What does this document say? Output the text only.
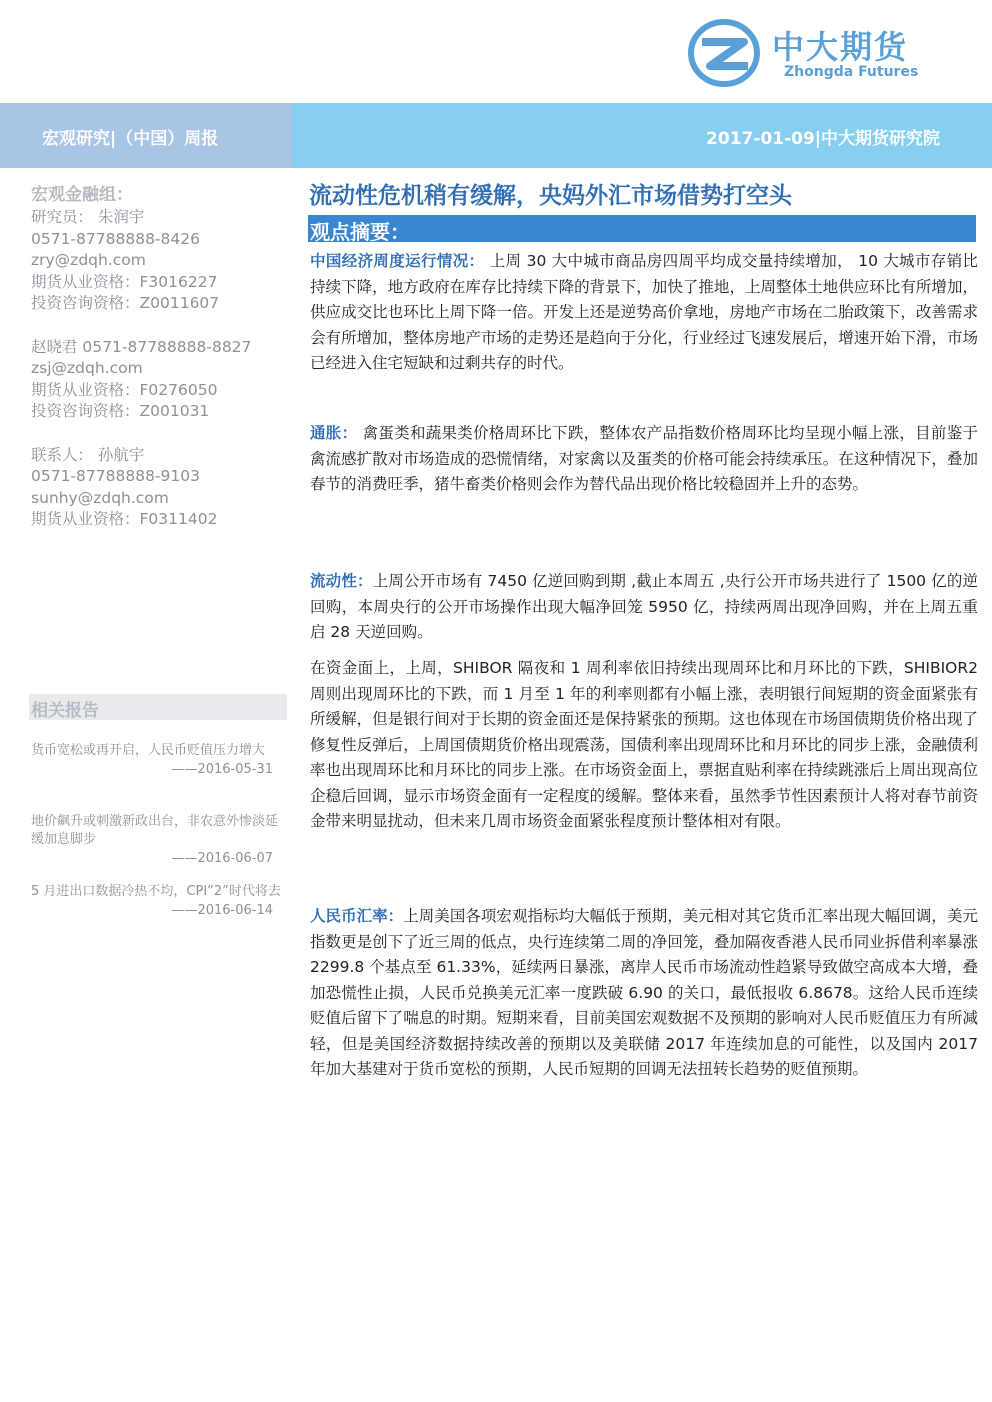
中大期货
Zhongda Futures
宏观研究|（中国）周报	2017-01-09|中大期货研究院
宏观金融组：
研究员： 朱润宇
0571-87788888-8426
zry@zdqh.com
期货从业资格：F3016227
投资咨询资格：Z0011607
赵晓君 0571-87788888-8827
zsj@zdqh.com
期货从业资格：F0276050
投资咨询资格：Z001031
联系人： 孙航宇
0571-87788888-9103
sunhy@zdqh.com
期货从业资格：F0311402
相关报告
货币宽松或再开启，人民币贬值压力增大
——2016-05-31
地价飙升或刺激新政出台，非农意外惨淡延缓加息脚步
——2016-06-07
5 月进出口数据冷热不均，CPI”2”时代将去
——2016-06-14
流动性危机稍有缓解，央妈外汇市场借势打空头
观点摘要：
中国经济周度运行情况： 上周 30 大中城市商品房四周平均成交量持续增加， 10 大城市存销比持续下降，地方政府在库存比持续下降的背景下，加快了推地，上周整体土地供应环比有所增加，供应成交比也环比上周下降一倍。开发上还是逆势高价拿地，房地产市场在二胎政策下，改善需求会有所增加，整体房地产市场的走势还是趋向于分化，行业经过飞速发展后，增速开始下滑，市场已经进入住宅短缺和过剩共存的时代。
通胀： 禽蛋类和蔬果类价格周环比下跌，整体农产品指数价格周环比均呈现小幅上涨，目前鉴于禽流感扩散对市场造成的恐慌情绪，对家禽以及蛋类的价格可能会持续承压。在这种情况下，叠加春节的消费旺季，猪牛畜类价格则会作为替代品出现价格比较稳固并上升的态势。
流动性：上周公开市场有 7450 亿逆回购到期 ,截止本周五 ,央行公开市场共进行了 1500 亿的逆回购，本周央行的公开市场操作出现大幅净回笼 5950 亿，持续两周出现净回购，并在上周五重启 28 天逆回购。
在资金面上，上周，SHIBOR 隔夜和 1 周利率依旧持续出现周环比和月环比的下跌，SHIBIOR2 周则出现周环比的下跌，而 1 月至 1 年的利率则都有小幅上涨，表明银行间短期的资金面紧张有所缓解，但是银行间对于长期的资金面还是保持紧张的预期。这也体现在市场国债期货价格出现了修复性反弹后，上周国债期货价格出现震荡，国债利率出现周环比和月环比的同步上涨，金融债利率也出现周环比和月环比的同步上涨。在市场资金面上，票据直贴利率在持续跳涨后上周出现高位企稳后回调，显示市场资金面有一定程度的缓解。整体来看，虽然季节性因素预计人将对春节前资金带来明显扰动，但未来几周市场资金面紧张程度预计整体相对有限。
人民币汇率：上周美国各项宏观指标均大幅低于预期，美元相对其它货币汇率出现大幅回调，美元指数更是创下了近三周的低点，央行连续第二周的净回笼，叠加隔夜香港人民币同业拆借利率暴涨 2299.8 个基点至 61.33%，延续两日暴涨，离岸人民币市场流动性趋紧导致做空高成本大增，叠加恐慌性止损，人民币兑换美元汇率一度跌破 6.90 的关口，最低报收 6.8678。这给人民币连续贬值后留下了喘息的时期。短期来看，目前美国宏观数据不及预期的影响对人民币贬值压力有所减轻，但是美国经济数据持续改善的预期以及美联储 2017 年连续加息的可能性，以及国内 2017 年加大基建对于货币宽松的预期，人民币短期的回调无法扭转长趋势的贬值预期。
